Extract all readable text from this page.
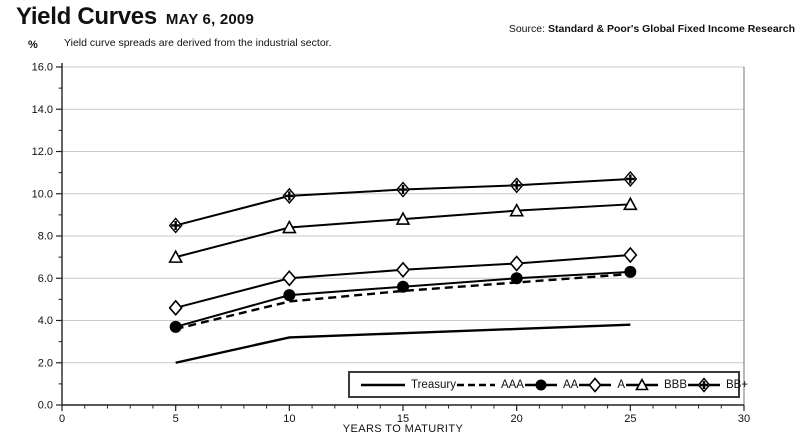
Yield Curves MAY 6, 2009
Source: Standard & Poor's Global Fixed Income Research
Yield curve spreads are derived from the industrial sector.
%
0.0
2.0
4.0
6.0
8.0
10.0
12.0
14.0
16.0
0	5	10	15	20	25	30
YEARS TO MATURITY
Treasury	AAA	AA	A	BBB	BB+
